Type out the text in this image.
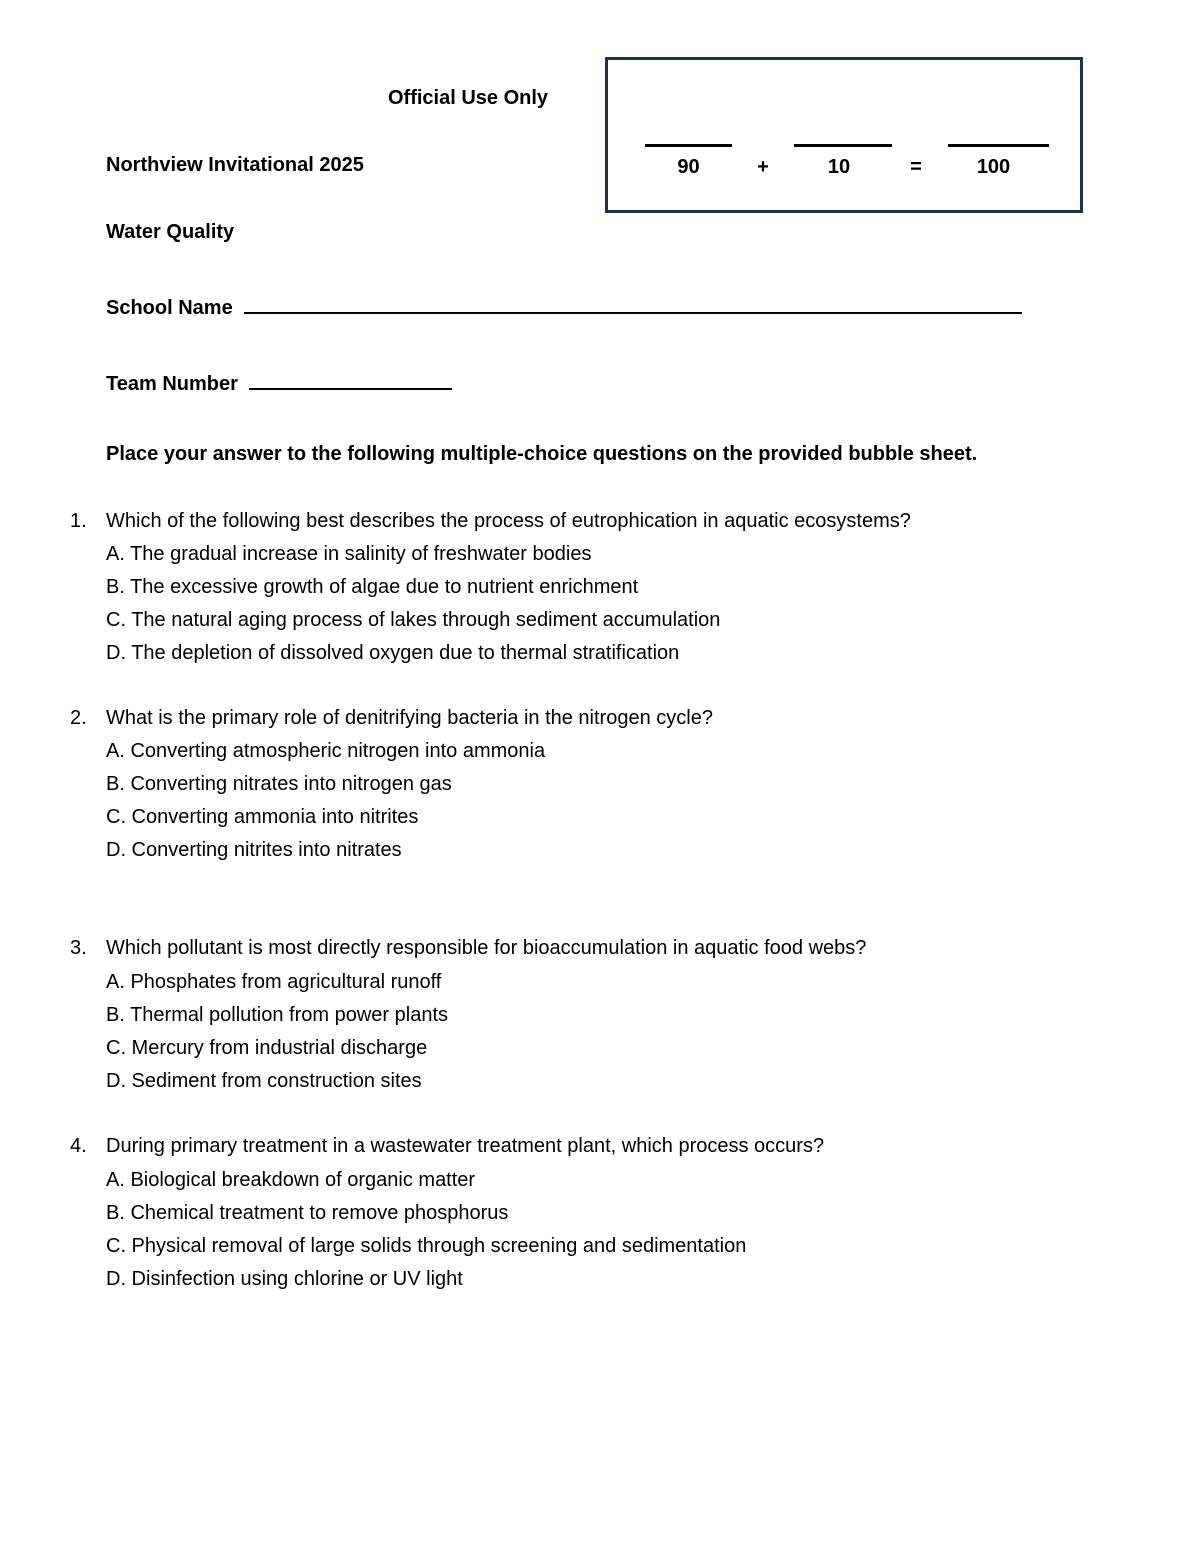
Official Use Only
Northview Invitational 2025
Water Quality
School Name
Team Number
Place your answer to the following multiple-choice questions on the provided bubble sheet.
90	+	10	=	100
1. Which of the following best describes the process of eutrophication in aquatic ecosystems?
A. The gradual increase in salinity of freshwater bodies
B. The excessive growth of algae due to nutrient enrichment
C. The natural aging process of lakes through sediment accumulation
D. The depletion of dissolved oxygen due to thermal stratification
2. What is the primary role of denitrifying bacteria in the nitrogen cycle?
A. Converting atmospheric nitrogen into ammonia
B. Converting nitrates into nitrogen gas
C. Converting ammonia into nitrites
D. Converting nitrites into nitrates
3. Which pollutant is most directly responsible for bioaccumulation in aquatic food webs?
A. Phosphates from agricultural runoff
B. Thermal pollution from power plants
C. Mercury from industrial discharge
D. Sediment from construction sites
4. During primary treatment in a wastewater treatment plant, which process occurs?
A. Biological breakdown of organic matter
B. Chemical treatment to remove phosphorus
C. Physical removal of large solids through screening and sedimentation
D. Disinfection using chlorine or UV light
